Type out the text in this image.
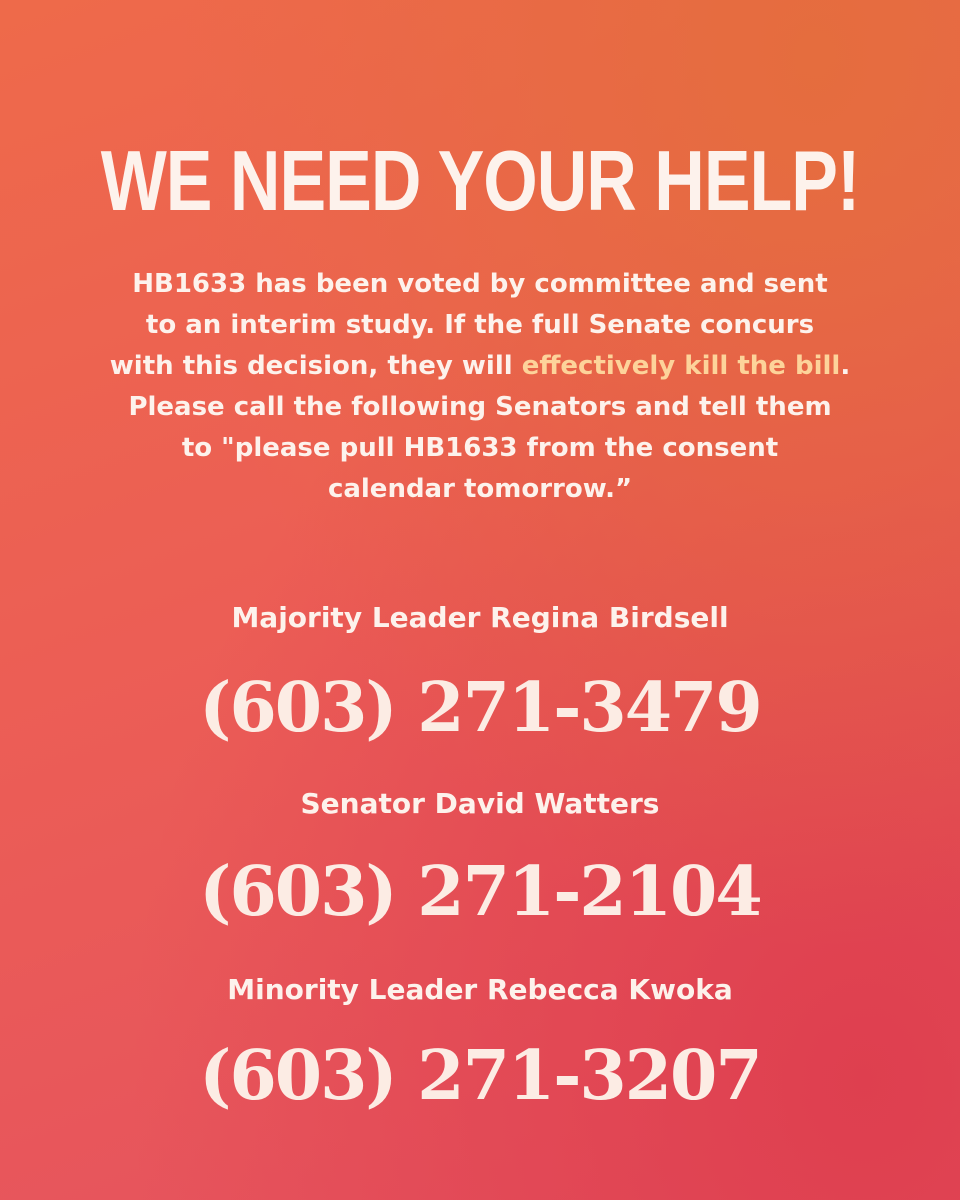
WE NEED YOUR HELP!

HB1633 has been voted by committee and sent
to an interim study. If the full Senate concurs
with this decision, they will effectively kill the bill.
Please call the following Senators and tell them
to "please pull HB1633 from the consent
calendar tomorrow.”

Majority Leader Regina Birdsell
(603) 271-3479
Senator David Watters
(603) 271-2104
Minority Leader Rebecca Kwoka
(603) 271-3207
